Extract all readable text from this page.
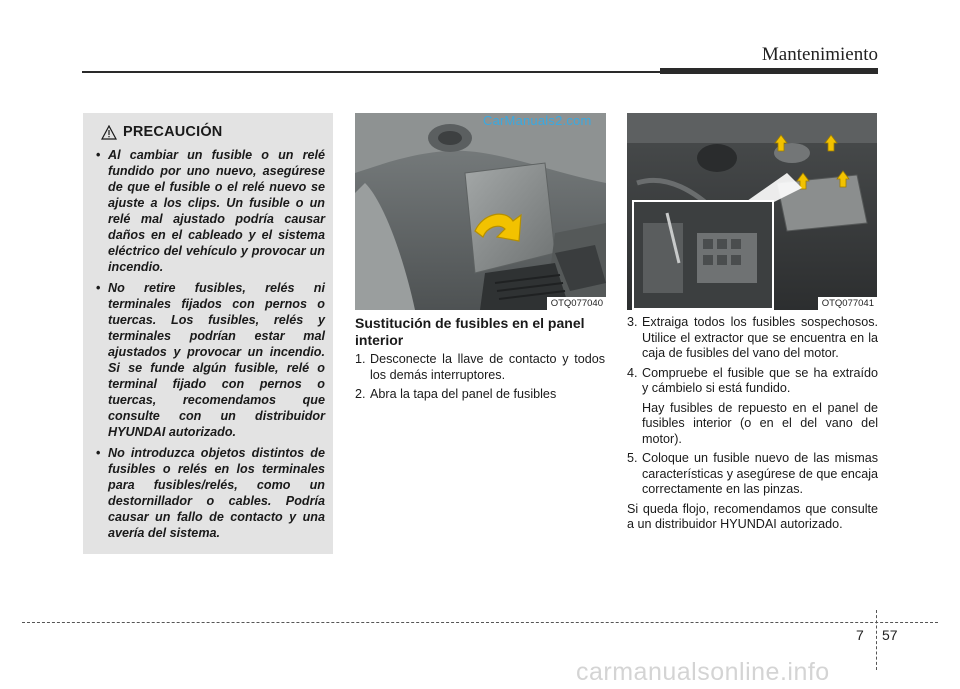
Mantenimiento
PRECAUCIÓN
• Al cambiar un fusible o un relé fundido por uno nuevo, asegúrese de que el fusible o el relé nuevo se ajuste a los clips. Un fusible o un relé mal ajustado podría causar daños en el cableado y el sistema eléctrico del vehículo y provocar un incendio.
• No retire fusibles, relés ni terminales fijados con pernos o tuercas. Los fusibles, relés y terminales podrían estar mal ajustados y provocar un incendio. Si se funde algún fusible, relé o terminal fijado con pernos o tuercas, recomendamos que consulte con un distribuidor HYUNDAI autorizado.
• No introduzca objetos distintos de fusibles o relés en los terminales para fusibles/relés, como un destornillador o cables. Podría causar un fallo de contacto y una avería del sistema.
CarManuals2.com
OTQ077040	OTQ077041
Sustitución de fusibles en el panel interior
1. Desconecte la llave de contacto y todos los demás interruptores.
2. Abra la tapa del panel de fusibles
3. Extraiga todos los fusibles sospechosos. Utilice el extractor que se encuentra en la caja de fusibles del vano del motor.
4. Compruebe el fusible que se ha extraído y cámbielo si está fundido.
Hay fusibles de repuesto en el panel de fusibles interior (o en el del vano del motor).
5. Coloque un fusible nuevo de las mismas características y asegúrese de que encaja correctamente en las pinzas.
Si queda flojo, recomendamos que consulte a un distribuidor HYUNDAI autorizado.
7 57
carmanualsonline.info
